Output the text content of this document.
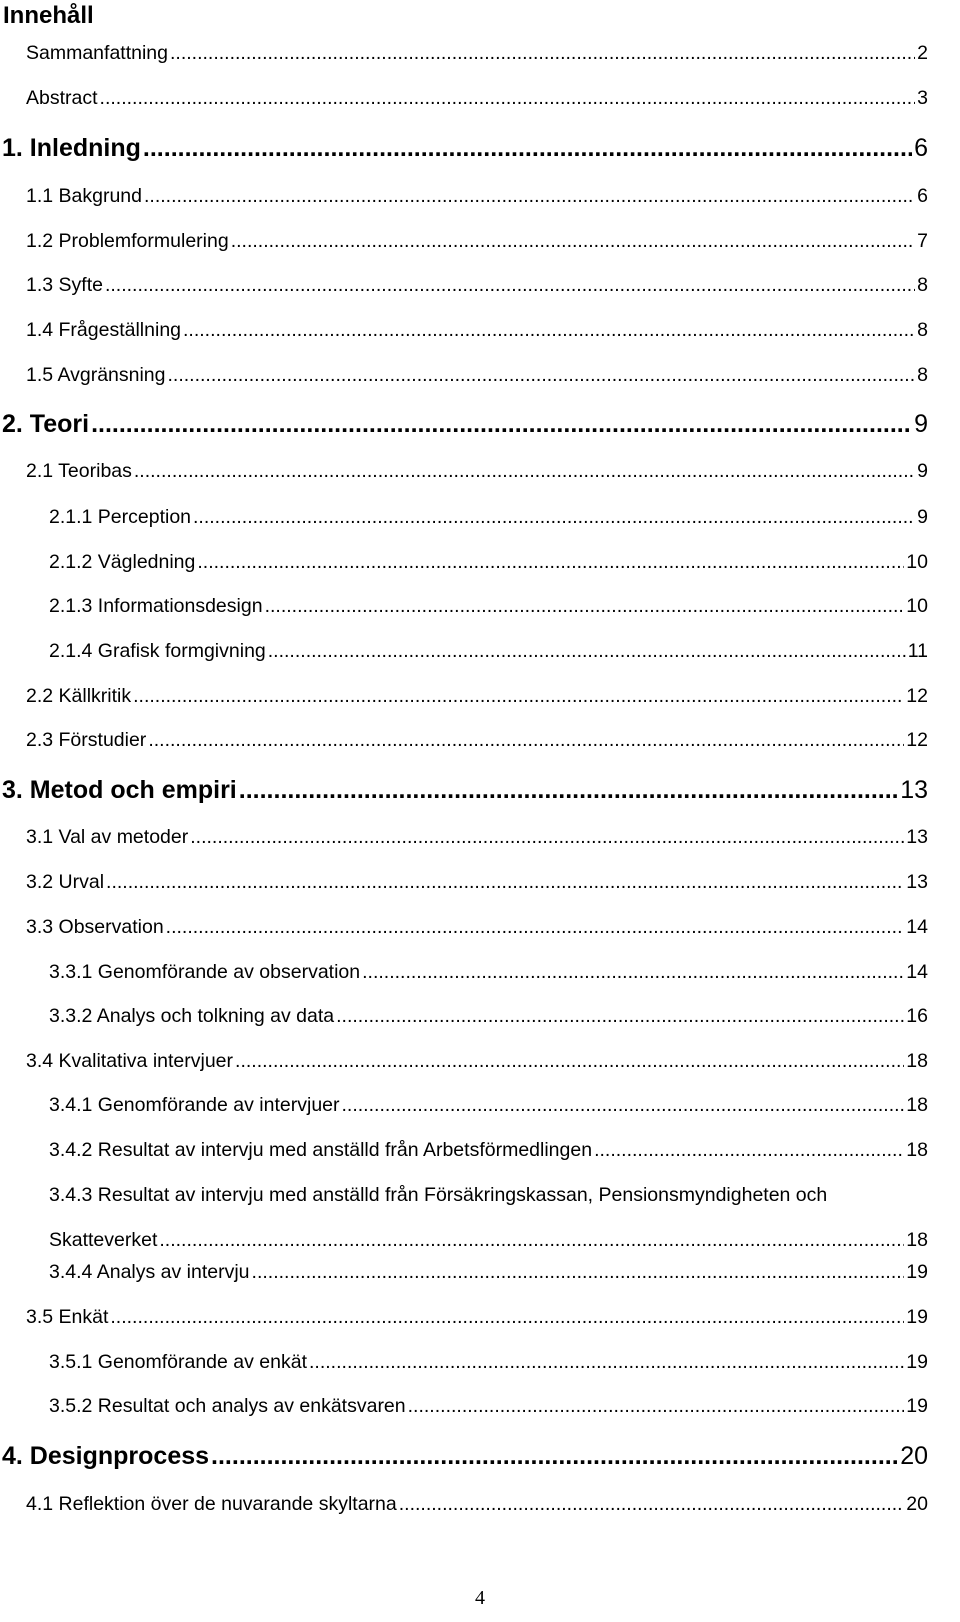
Innehåll
Sammanfattning .....	2
Abstract .....	3
1. Inledning .....	6
1.1 Bakgrund .....	6
1.2 Problemformulering .....	7
1.3 Syfte .....	8
1.4 Frågeställning .....	8
1.5 Avgränsning .....	8
2. Teori .....	9
2.1 Teoribas .....	9
2.1.1 Perception .....	9
2.1.2 Vägledning .....	10
2.1.3 Informationsdesign .....	10
2.1.4 Grafisk formgivning .....	11
2.2 Källkritik .....	12
2.3 Förstudier .....	12
3. Metod och empiri .....	13
3.1 Val av metoder .....	13
3.2 Urval .....	13
3.3 Observation .....	14
3.3.1 Genomförande av observation .....	14
3.3.2 Analys och tolkning av data .....	16
3.4 Kvalitativa intervjuer .....	18
3.4.1 Genomförande av intervjuer .....	18
3.4.2 Resultat av intervju med anställd från Arbetsförmedlingen .....	18
3.4.3 Resultat av intervju med anställd från Försäkringskassan, Pensionsmyndigheten och
Skatteverket .....	18
3.4.4 Analys av intervju .....	19
3.5 Enkät .....	19
3.5.1 Genomförande av enkät .....	19
3.5.2 Resultat och analys av enkätsvaren .....	19
4. Designprocess .....	20
4.1 Reflektion över de nuvarande skyltarna .....	20
4
